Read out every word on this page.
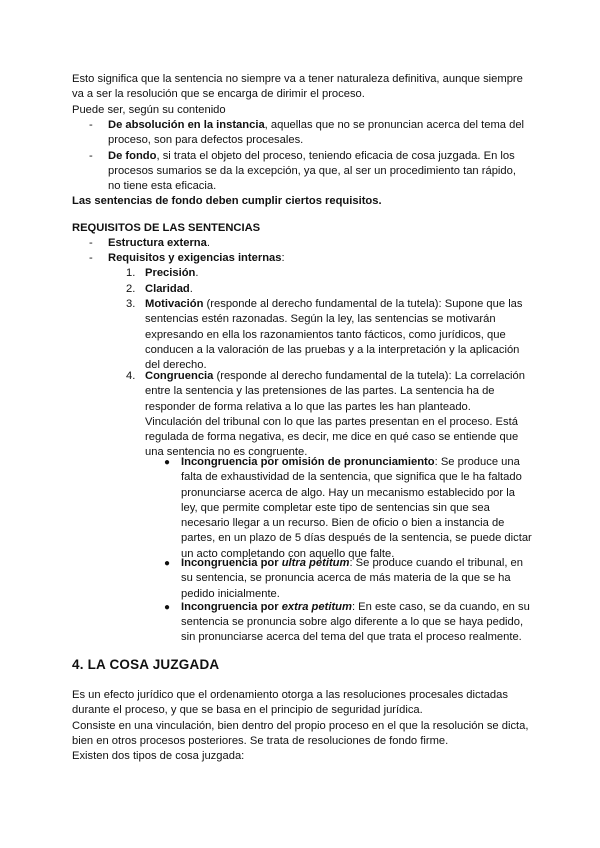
Esto significa que la sentencia no siempre va a tener naturaleza definitiva, aunque siempre va a ser la resolución que se encarga de dirimir el proceso.

Puede ser, según su contenido

- De absolución en la instancia, aquellas que no se pronuncian acerca del tema del proceso, son para defectos procesales.
- De fondo, si trata el objeto del proceso, teniendo eficacia de cosa juzgada. En los procesos sumarios se da la excepción, ya que, al ser un procedimiento tan rápido, no tiene esta eficacia.

Las sentencias de fondo deben cumplir ciertos requisitos.

REQUISITOS DE LAS SENTENCIAS
- Estructura externa.
- Requisitos y exigencias internas:
1. Precisión.
2. Claridad.
3. Motivación (responde al derecho fundamental de la tutela): Supone que las sentencias estén razonadas. Según la ley, las sentencias se motivarán expresando en ella los razonamientos tanto fácticos, como jurídicos, que conducen a la valoración de las pruebas y a la interpretación y la aplicación del derecho.
4. Congruencia (responde al derecho fundamental de la tutela): La correlación entre la sentencia y las pretensiones de las partes. La sentencia ha de responder de forma relativa a lo que las partes les han planteado. Vinculación del tribunal con lo que las partes presentan en el proceso. Está regulada de forma negativa, es decir, me dice en qué caso se entiende que una sentencia no es congruente.
● Incongruencia por omisión de pronunciamiento: Se produce una falta de exhaustividad de la sentencia, que significa que le ha faltado pronunciarse acerca de algo. Hay un mecanismo establecido por la ley, que permite completar este tipo de sentencias sin que sea necesario llegar a un recurso. Bien de oficio o bien a instancia de partes, en un plazo de 5 días después de la sentencia, se puede dictar un acto completando con aquello que falte.
● Incongruencia por ultra petitum: Se produce cuando el tribunal, en su sentencia, se pronuncia acerca de más materia de la que se ha pedido inicialmente.
● Incongruencia por extra petitum: En este caso, se da cuando, en su sentencia se pronuncia sobre algo diferente a lo que se haya pedido, sin pronunciarse acerca del tema del que trata el proceso realmente.
4. LA COSA JUZGADA

Es un efecto jurídico que el ordenamiento otorga a las resoluciones procesales dictadas durante el proceso, y que se basa en el principio de seguridad jurídica.

Consiste en una vinculación, bien dentro del propio proceso en el que la resolución se dicta, bien en otros procesos posteriores. Se trata de resoluciones de fondo firme.

Existen dos tipos de cosa juzgada:
